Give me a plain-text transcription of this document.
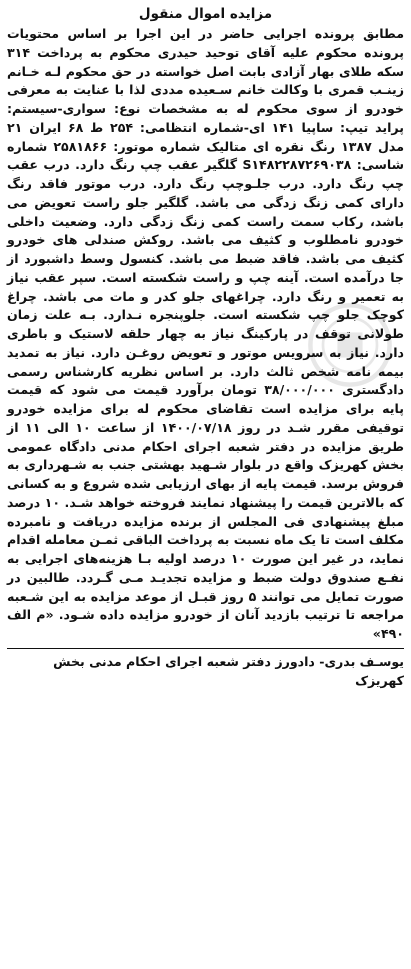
مزایده اموال منقول

مطابق پرونده اجرایی حاضر در این اجرا بر اساس محتویات پرونده محکوم علیه آقای توحید حیدری محکوم به پرداخت ۳۱۴ سکه طلای بهار آزادی بابت اصل خواسته در حق محکوم لـه خـانم زینـب قمری با وکالت خانم سـعیده مددی لذا با عنایت به معرفی خودرو از سوی محکوم له به مشخصات نوع: سواری-سیستم: پراید تیپ: ساپیا ۱۴۱ ای-شماره انتظامی: ۲۵۴ ط ۶۸ ایران ۲۱ مدل ۱۳۸۷ رنگ نقره ای متالیک شماره موتور: ۲۵۸۱۸۶۶ شماره شاسی: S۱۴۸۲۲۸۷۲۶۹۰۳۸ گلگیر عقب چپ رنگ دارد. درب عقب چپ رنگ دارد. درب جلـوچپ رنگ دارد. درب موتور فاقد رنگ دارای کمی زنگ زدگی می باشد. گلگیر جلو راست تعویض می باشد، رکاب سمت راست کمی زنگ زدگی دارد. وضعیت داخلی خودرو نامطلوب و کثیف می باشد. روکش صندلی های خودرو کثیف می باشد. فاقد ضبط می باشد. کنسول وسط داشبورد از جا درآمده است. آینه چپ و راست شکسته است. سپر عقب نیاز به تعمیر و رنگ دارد. چراغهای جلو کدر و مات می باشد. چراغ کوچک جلو چپ شکسته است. جلوپنجره نـدارد. بـه علت زمان طولانی توقف در پارکینگ نیاز به چهار حلقه لاستیک و باطری دارد. نیاز به سرویس موتور و تعویض روغـن دارد. نیاز به تمدید بیمه نامه شخص ثالث دارد. بر اساس نظریه کارشناس رسمی دادگستری ۳۸/۰۰۰/۰۰۰ تومان برآورد قیمت می شود که قیمت پایه برای مزایده است تقاضای محکوم له برای مزایده خودرو توقیفی مقرر شـد در روز ۱۴۰۰/۰۷/۱۸ از ساعت ۱۰ الی ۱۱ از طریق مزایده در دفتر شعبه اجرای احکام مدنی دادگاه عمومی بخش کهریزک واقع در بلوار شـهید بهشتی جنب به شـهرداری به فروش برسد. قیمت پایه از بهای ارزیابی شده شروع و به کسانی که بالاترین قیمت را پیشنهاد نمایند فروخته خواهد شـد. ۱۰ درصد مبلغ پیشنهادی فی المجلس از برنده مزایده دریافت و نامبرده مکلف است تا یک ماه نسبت به پرداخت الباقی ثمـن معامله اقدام نماید، در غیر این صورت ۱۰ درصد اولیه بـا هزینه‌های اجرایی به نفـع صندوق دولت ضبط و مزایده تجدیـد مـی گـردد. طالبین در صورت تمایل می توانند ۵ روز قبـل از موعد مزایده به این شـعبه مراجعه تا ترتیب بازدید آنان از خودرو مزایده داده شـود. «م الف ۴۹۰»

یوسـف بدری- دادورز دفتر شعبه اجرای احکام مدنی بخش کهریزک
